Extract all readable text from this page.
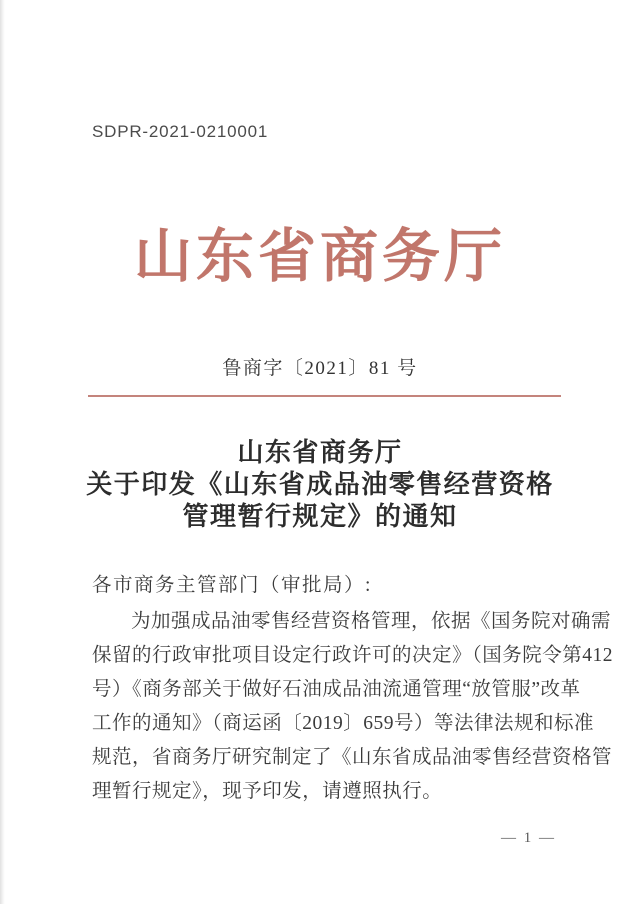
SDPR-2021-0210001
山东省商务厅
鲁商字〔2021〕81 号
山东省商务厅
关于印发《山东省成品油零售经营资格
管理暂行规定》的通知
各市商务主管部门（审批局）:
为加强成品油零售经营资格管理，依据《国务院对确需
保留的行政审批项目设定行政许可的决定》（国务院令第412
号）《商务部关于做好石油成品油流通管理“放管服”改革
工作的通知》（商运函〔2019〕659号）等法律法规和标准
规范，省商务厅研究制定了《山东省成品油零售经营资格管
理暂行规定》，现予印发，请遵照执行。
— 1 —
